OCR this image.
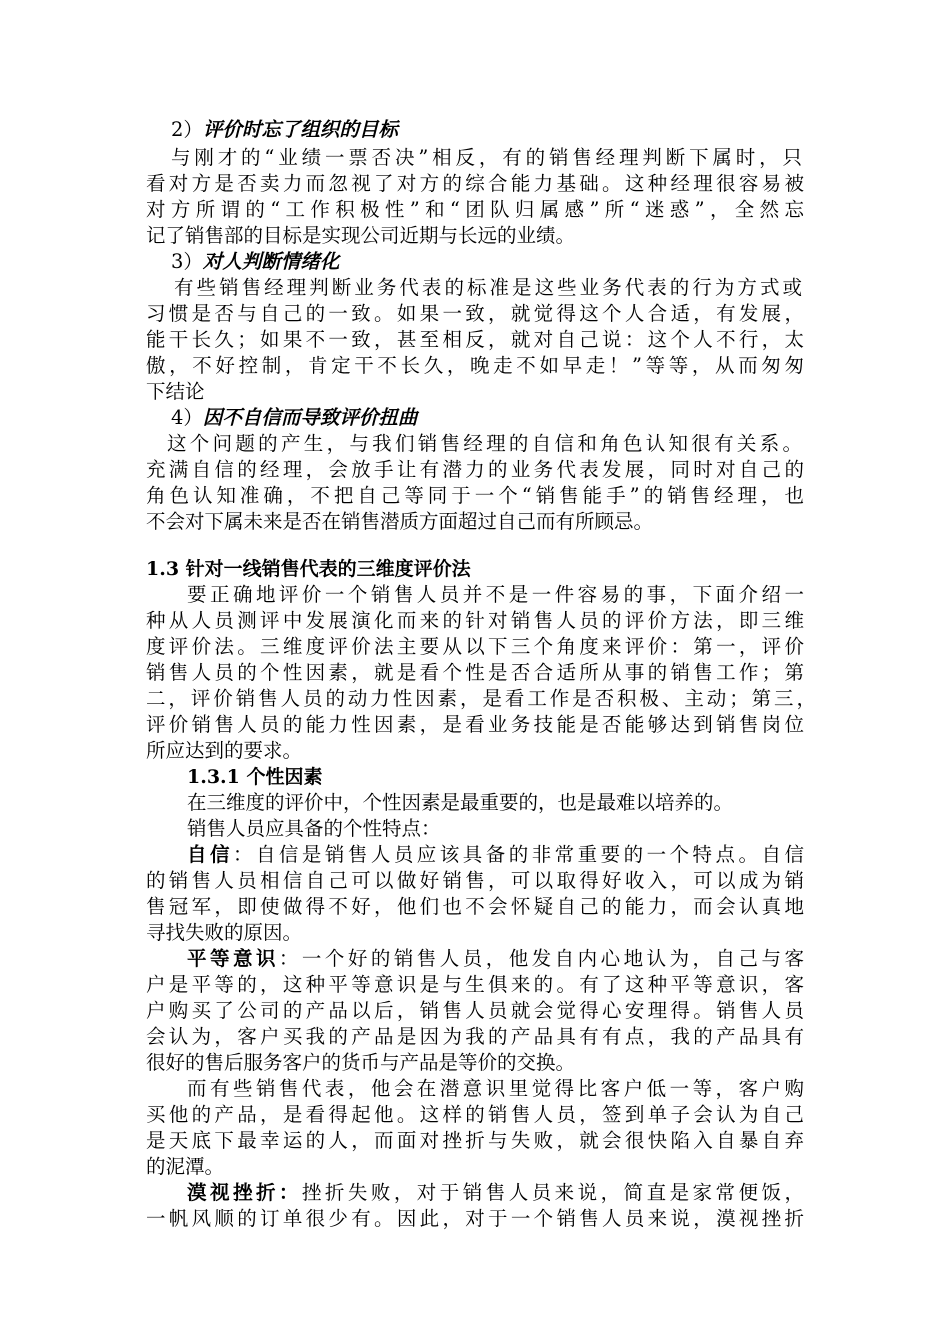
2）评价时忘了组织的目标

与刚才的“业绩一票否决”相反，有的销售经理判断下属时，只

看对方是否卖力而忽视了对方的综合能力基础。这种经理很容易被

对方所谓的“工作积极性”和“团队归属感”所“迷惑”，全然忘

记了销售部的目标是实现公司近期与长远的业绩。

3）对人判断情绪化

有些销售经理判断业务代表的标准是这些业务代表的行为方式或

习惯是否与自己的一致。如果一致，就觉得这个人合适，有发展，

能干长久；如果不一致，甚至相反，就对自己说：这个人不行，太

傲，不好控制，肯定干不长久，晚走不如早走！”等等，从而匆匆

下结论

4）因不自信而导致评价扭曲

这个问题的产生，与我们销售经理的自信和角色认知很有关系。

充满自信的经理，会放手让有潜力的业务代表发展，同时对自己的

角色认知准确，不把自己等同于一个“销售能手”的销售经理，也

不会对下属未来是否在销售潜质方面超过自己而有所顾忌。

1.3 针对一线销售代表的三维度评价法

要正确地评价一个销售人员并不是一件容易的事，下面介绍一

种从人员测评中发展演化而来的针对销售人员的评价方法，即三维

度评价法。三维度评价法主要从以下三个角度来评价：第一，评价

销售人员的个性因素，就是看个性是否合适所从事的销售工作；第

二，评价销售人员的动力性因素，是看工作是否积极、主动；第三，

评价销售人员的能力性因素，是看业务技能是否能够达到销售岗位

所应达到的要求。

1.3.1 个性因素

在三维度的评价中，个性因素是最重要的，也是最难以培养的。

销售人员应具备的个性特点：

自信：自信是销售人员应该具备的非常重要的一个特点。自信

的销售人员相信自己可以做好销售，可以取得好收入，可以成为销

售冠军，即使做得不好，他们也不会怀疑自己的能力，而会认真地

寻找失败的原因。

平等意识：一个好的销售人员，他发自内心地认为，自己与客

户是平等的，这种平等意识是与生俱来的。有了这种平等意识，客

户购买了公司的产品以后，销售人员就会觉得心安理得。销售人员

会认为，客户买我的产品是因为我的产品具有有点，我的产品具有

很好的售后服务客户的货币与产品是等价的交换。

而有些销售代表，他会在潜意识里觉得比客户低一等，客户购

买他的产品，是看得起他。这样的销售人员，签到单子会认为自己

是天底下最幸运的人，而面对挫折与失败，就会很快陷入自暴自弃

的泥潭。

漠视挫折：挫折失败，对于销售人员来说，简直是家常便饭，

一帆风顺的订单很少有。因此，对于一个销售人员来说，漠视挫折
